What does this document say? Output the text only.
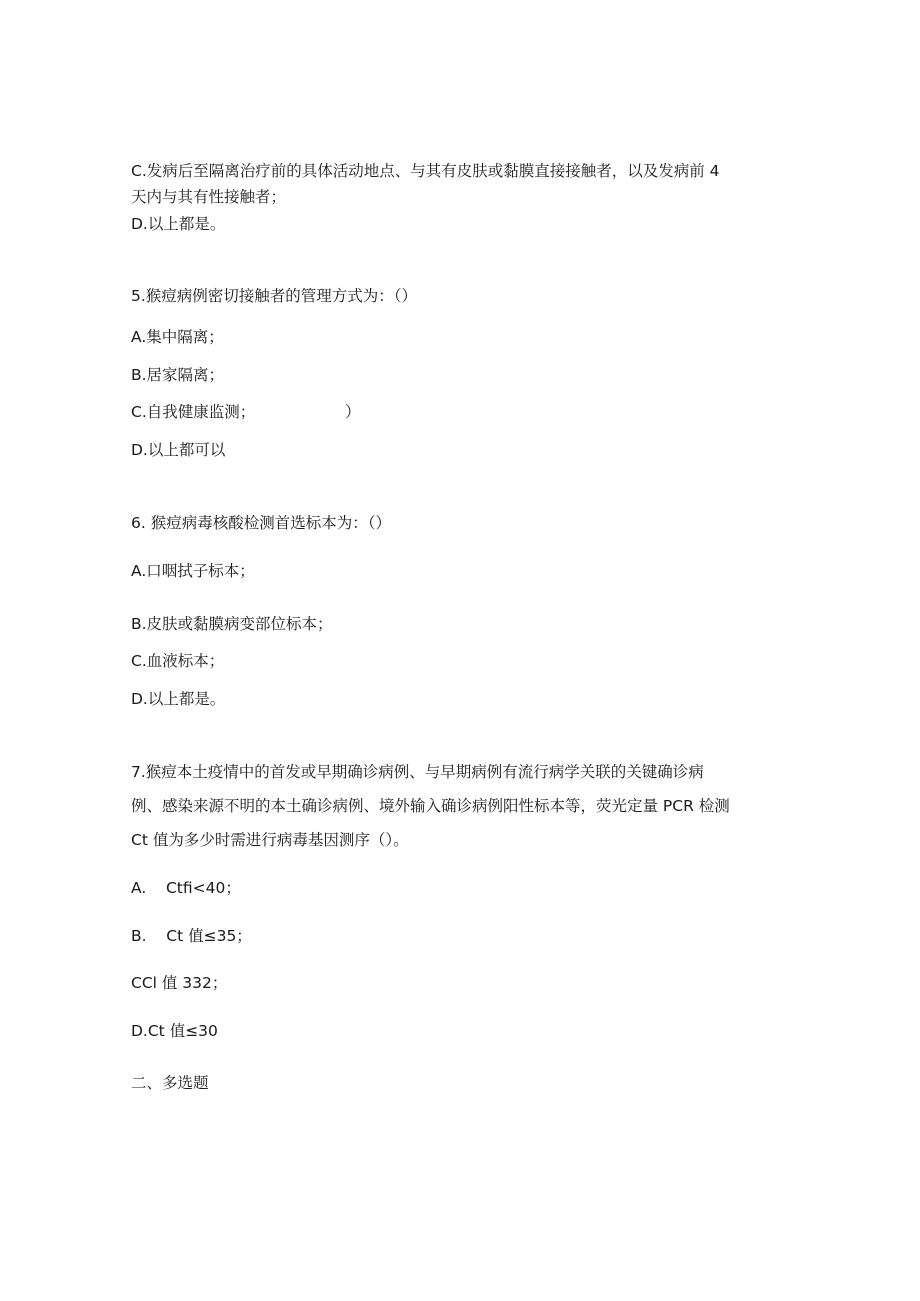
C.发病后至隔离治疗前的具体活动地点、与其有皮肤或黏膜直接接触者，以及发病前 4
天内与其有性接触者；
D.以上都是。
5.猴痘病例密切接触者的管理方式为：（）
A.集中隔离；
B.居家隔离；
C.自我健康监测；	）
D.以上都可以
6. 猴痘病毒核酸检测首选标本为：（）
A.口咽拭子标本；
B.皮肤或黏膜病变部位标本；
C.血液标本；
D.以上都是。
7.猴痘本土疫情中的首发或早期确诊病例、与早期病例有流行病学关联的关键确诊病
例、感染来源不明的本土确诊病例、境外输入确诊病例阳性标本等，荧光定量 PCR 检测
Ct 值为多少时需进行病毒基因测序（）。
A.    Ctfi<40；
B.    Ct 值≤35；
CCl 值 332；
D.Ct 值≤30
二、多选题
